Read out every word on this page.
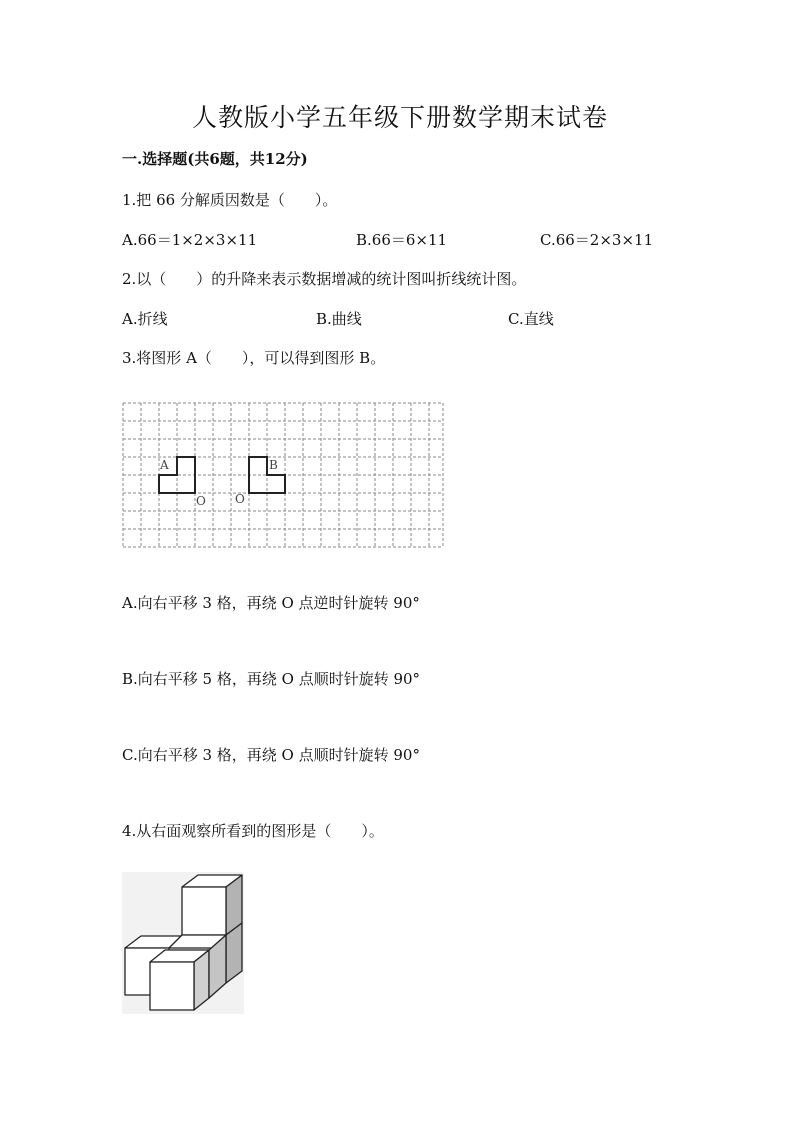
人教版小学五年级下册数学期末试卷
一.选择题(共6题，共12分)
1.把 66 分解质因数是（　　）。
A.66＝1×2×3×11	B.66＝6×11	C.66＝2×3×11
2.以（　　）的升降来表示数据增减的统计图叫折线统计图。
A.折线	B.曲线	C.直线
3.将图形 A（　　），可以得到图形 B。
A	B
O O
A.向右平移 3 格，再绕 O 点逆时针旋转 90°
B.向右平移 5 格，再绕 O 点顺时针旋转 90°
C.向右平移 3 格，再绕 O 点顺时针旋转 90°
4.从右面观察所看到的图形是（　　）。
